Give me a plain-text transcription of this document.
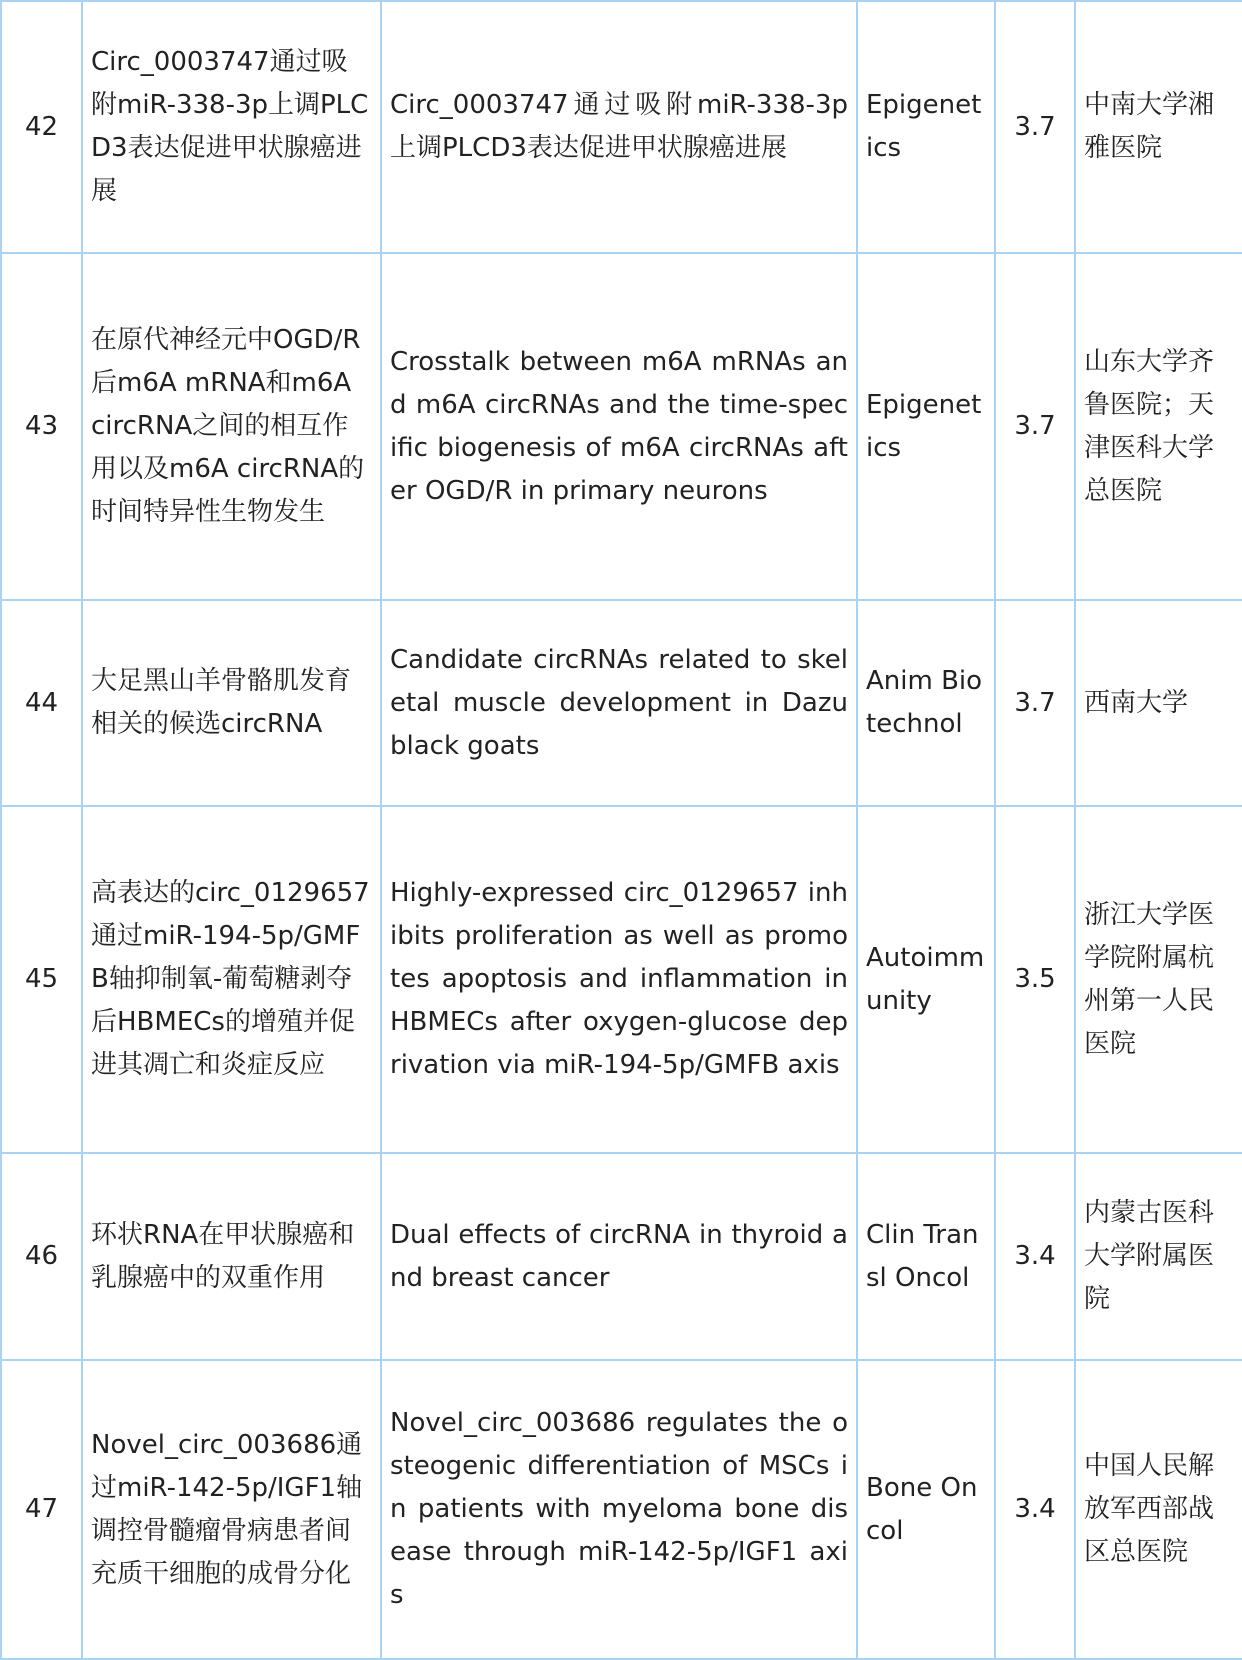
42	Circ_0003747通过吸附miR-338-3p上调PLCD3表达促进甲状腺癌进展	Circ_0003747通过吸附miR-338-3p上调PLCD3表达促进甲状腺癌进展	Epigenetics	3.7	中南大学湘雅医院
43	在原代神经元中OGD/R后m6A mRNA和m6A circRNA之间的相互作用以及m6A circRNA的时间特异性生物发生	Crosstalk between m6A mRNAs and m6A circRNAs and the time-specific biogenesis of m6A circRNAs after OGD/R in primary neurons	Epigenetics	3.7	山东大学齐鲁医院；天津医科大学总医院
44	大足黑山羊骨骼肌发育相关的候选circRNA	Candidate circRNAs related to skeletal muscle development in Dazu black goats	Anim Biotechnol	3.7	西南大学
45	高表达的circ_0129657通过miR-194-5p/GMFB轴抑制氧-葡萄糖剥夺后HBMECs的增殖并促进其凋亡和炎症反应	Highly-expressed circ_0129657 inhibits proliferation as well as promotes apoptosis and inflammation in HBMECs after oxygen-glucose deprivation via miR-194-5p/GMFB axis	Autoimmunity	3.5	浙江大学医学院附属杭州第一人民医院
46	环状RNA在甲状腺癌和乳腺癌中的双重作用	Dual effects of circRNA in thyroid and breast cancer	Clin Transl Oncol	3.4	内蒙古医科大学附属医院
47	Novel_circ_003686通过miR-142-5p/IGF1轴调控骨髓瘤骨病患者间充质干细胞的成骨分化	Novel_circ_003686 regulates the osteogenic differentiation of MSCs in patients with myeloma bone disease through miR-142-5p/IGF1 axis	Bone Oncol	3.4	中国人民解放军西部战区总医院
